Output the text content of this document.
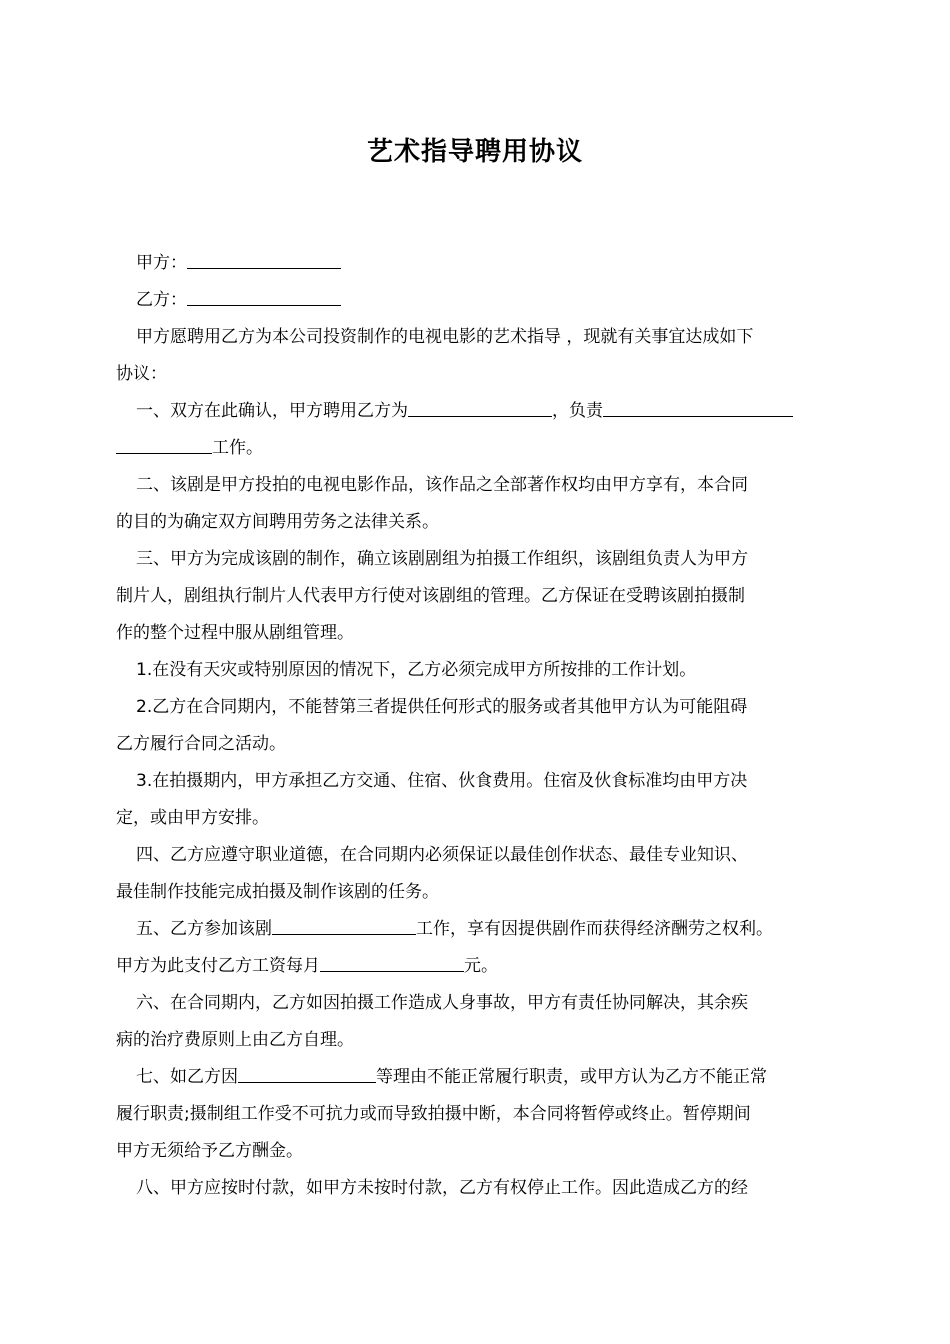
艺术指导聘用协议
甲方：
乙方：
甲方愿聘用乙方为本公司投资制作的电视电影的艺术指导 ，现就有关事宜达成如下
协议：
一、双方在此确认，甲方聘用乙方为	，负责
工作。
二、该剧是甲方投拍的电视电影作品，该作品之全部著作权均由甲方享有，本合同
的目的为确定双方间聘用劳务之法律关系。
三、甲方为完成该剧的制作，确立该剧剧组为拍摄工作组织，该剧组负责人为甲方
制片人，剧组执行制片人代表甲方行使对该剧组的管理。乙方保证在受聘该剧拍摄制
作的整个过程中服从剧组管理。
1.在没有天灾或特别原因的情况下，乙方必须完成甲方所按排的工作计划。
2.乙方在合同期内，不能替第三者提供任何形式的服务或者其他甲方认为可能阻碍
乙方履行合同之活动。
3.在拍摄期内，甲方承担乙方交通、住宿、伙食费用。住宿及伙食标准均由甲方决
定，或由甲方安排。
四、乙方应遵守职业道德，在合同期内必须保证以最佳创作状态、最佳专业知识、
最佳制作技能完成拍摄及制作该剧的任务。
五、乙方参加该剧	工作，享有因提供剧作而获得经济酬劳之权利。
甲方为此支付乙方工资每月	元。
六、在合同期内，乙方如因拍摄工作造成人身事故，甲方有责任协同解决，其余疾
病的治疗费原则上由乙方自理。
七、如乙方因	等理由不能正常履行职责，或甲方认为乙方不能正常
履行职责;摄制组工作受不可抗力或而导致拍摄中断，本合同将暂停或终止。暂停期间
甲方无须给予乙方酬金。
八、甲方应按时付款，如甲方未按时付款，乙方有权停止工作。因此造成乙方的经
